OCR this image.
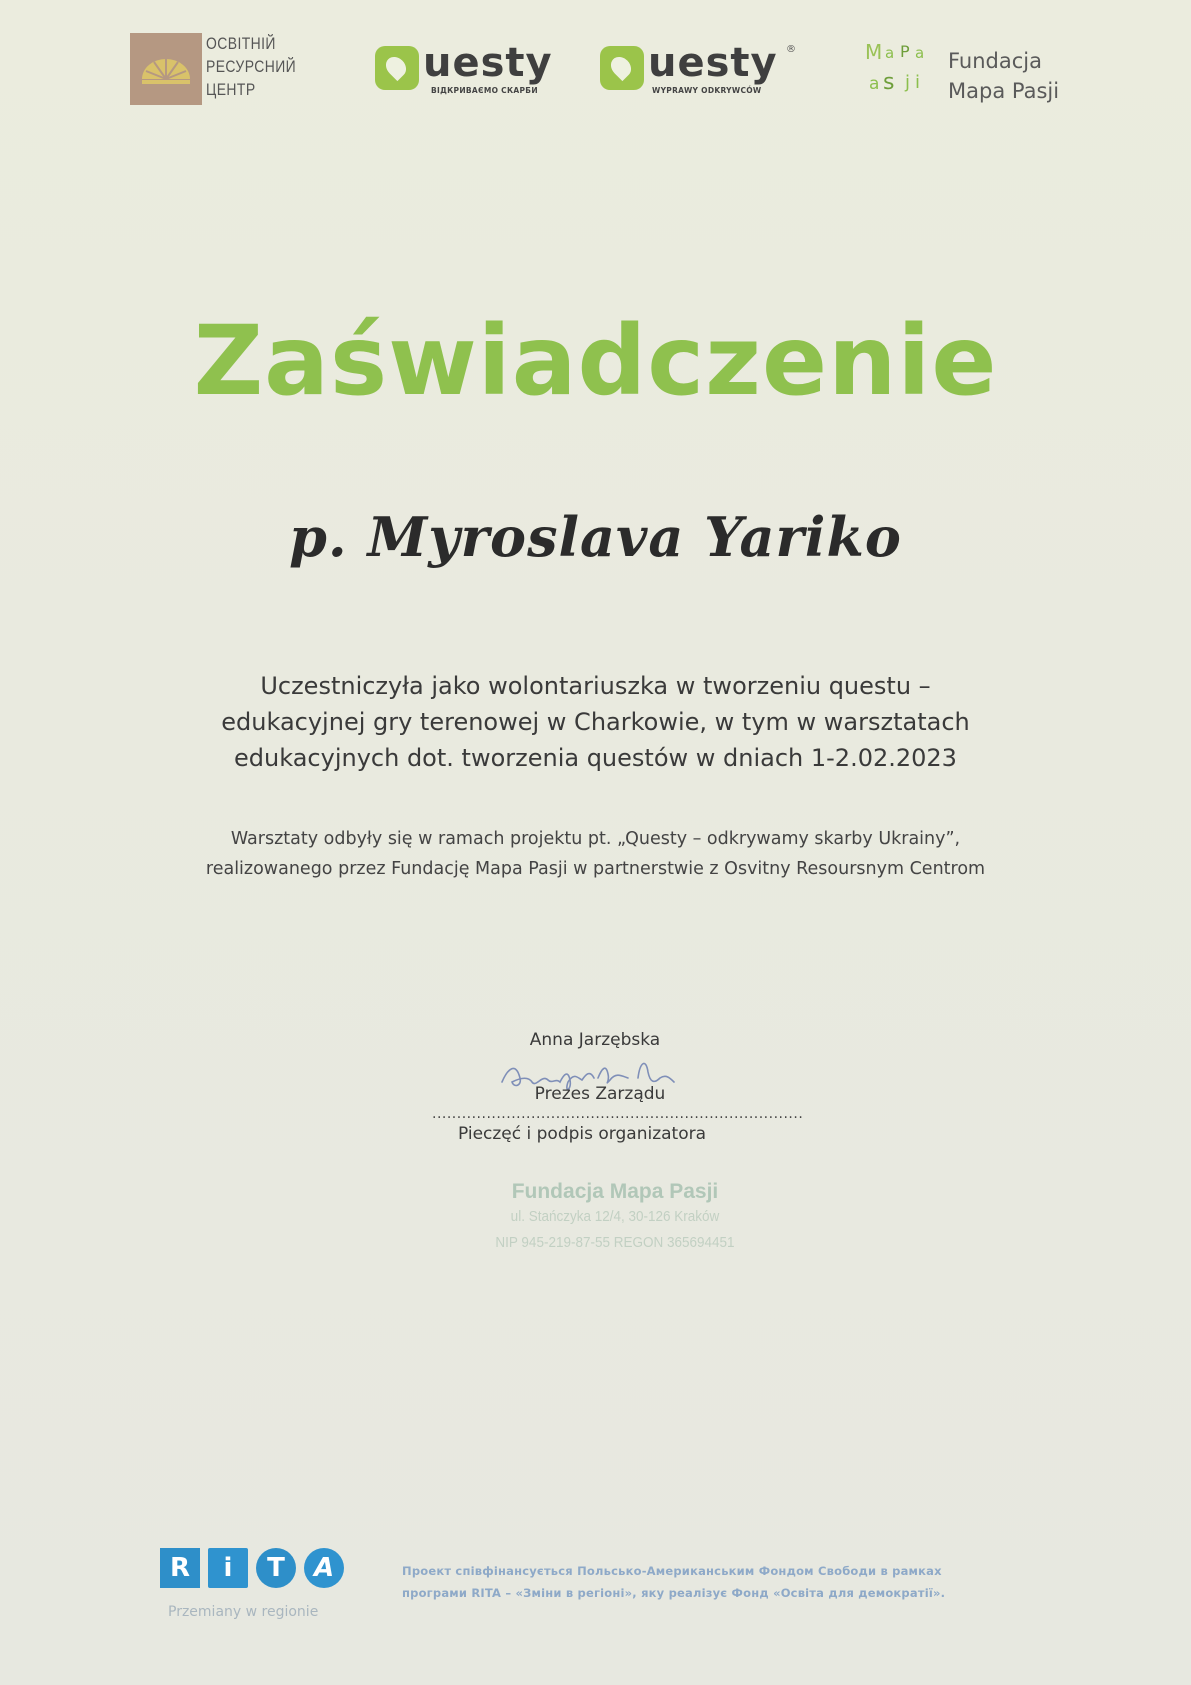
ОСВІТНІЙ
РЕСУРСНИЙ
ЦЕНТР
uesty
ВІДКРИВАЄМО СКАРБИ
uesty ®
WYPRAWY ODKRYWCÓW
M a P a
a s j i
Fundacja
Mapa Pasji
Zaświadczenie
p. Myroslava Yariko
Uczestniczyła jako wolontariuszka w tworzeniu questu –
edukacyjnej gry terenowej w Charkowie, w tym w warsztatach
edukacyjnych dot. tworzenia questów w dniach 1-2.02.2023
Warsztaty odbyły się w ramach projektu pt. „Questy – odkrywamy skarby Ukrainy”,
realizowanego przez Fundację Mapa Pasji w partnerstwie z Osvitny Resoursnym Centrom
Anna Jarzębska
Prezes Zarządu
...........................................................................
Pieczęć i podpis organizatora
Fundacja Mapa Pasji
ul. Stańczyka 12/4, 30-126 Kraków
NIP 945-219-87-55 REGON 365694451
R	i	T	A
Przemiany w regionie
Проект співфінансується Польсько-Американським Фондом Свободи в рамках
програми RITA – «Зміни в регіоні», яку реалізує Фонд «Освіта для демократії».
